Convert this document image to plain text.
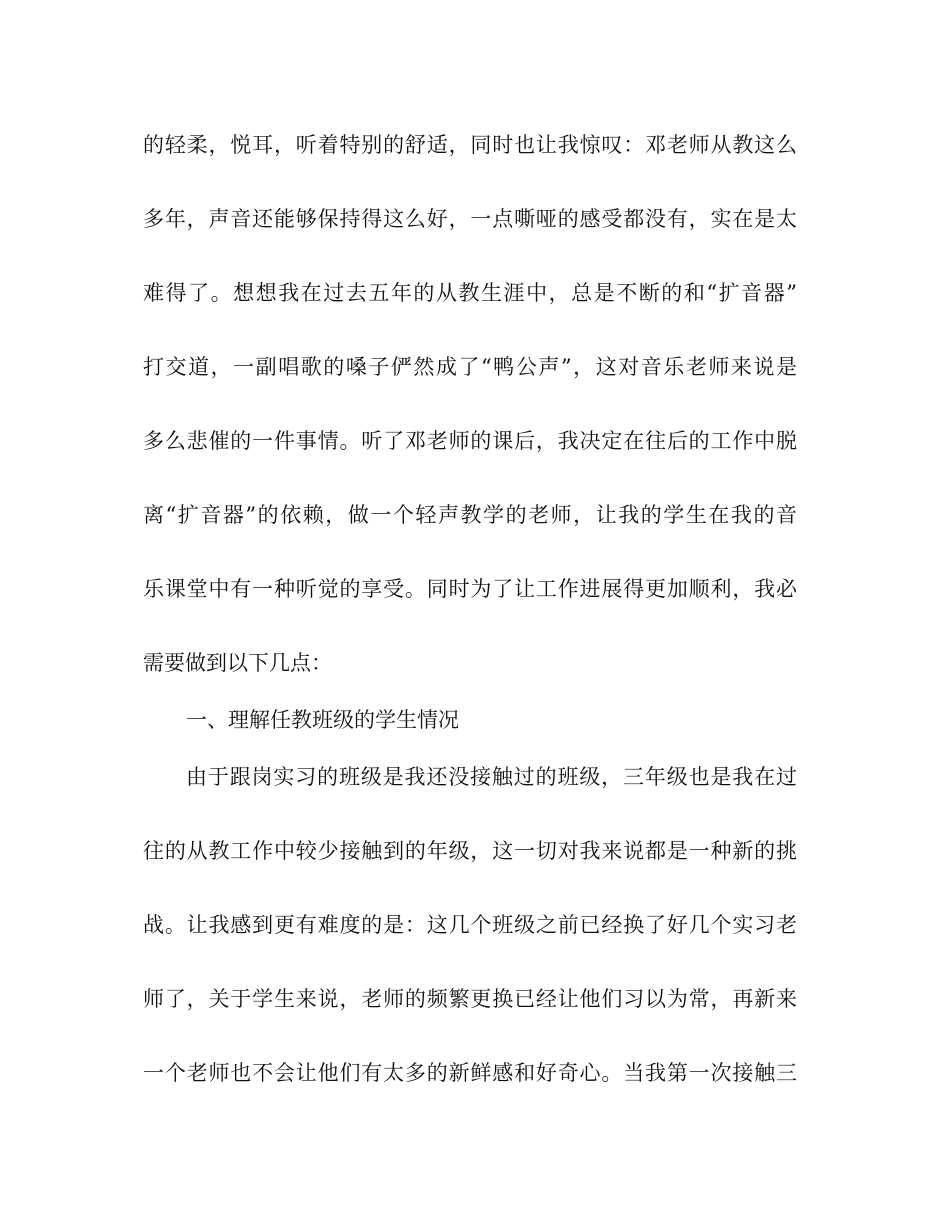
的轻柔，悦耳，听着特别的舒适，同时也让我惊叹：邓老师从教这么
多年，声音还能够保持得这么好，一点嘶哑的感受都没有，实在是太
难得了。想想我在过去五年的从教生涯中，总是不断的和“扩音器”
打交道，一副唱歌的嗓子俨然成了“鸭公声”，这对音乐老师来说是
多么悲催的一件事情。听了邓老师的课后，我决定在往后的工作中脱
离“扩音器”的依赖，做一个轻声教学的老师，让我的学生在我的音
乐课堂中有一种听觉的享受。同时为了让工作进展得更加顺利，我必
需要做到以下几点：
一、理解任教班级的学生情况
由于跟岗实习的班级是我还没接触过的班级，三年级也是我在过
往的从教工作中较少接触到的年级，这一切对我来说都是一种新的挑
战。让我感到更有难度的是：这几个班级之前已经换了好几个实习老
师了，关于学生来说，老师的频繁更换已经让他们习以为常，再新来
一个老师也不会让他们有太多的新鲜感和好奇心。当我第一次接触三
